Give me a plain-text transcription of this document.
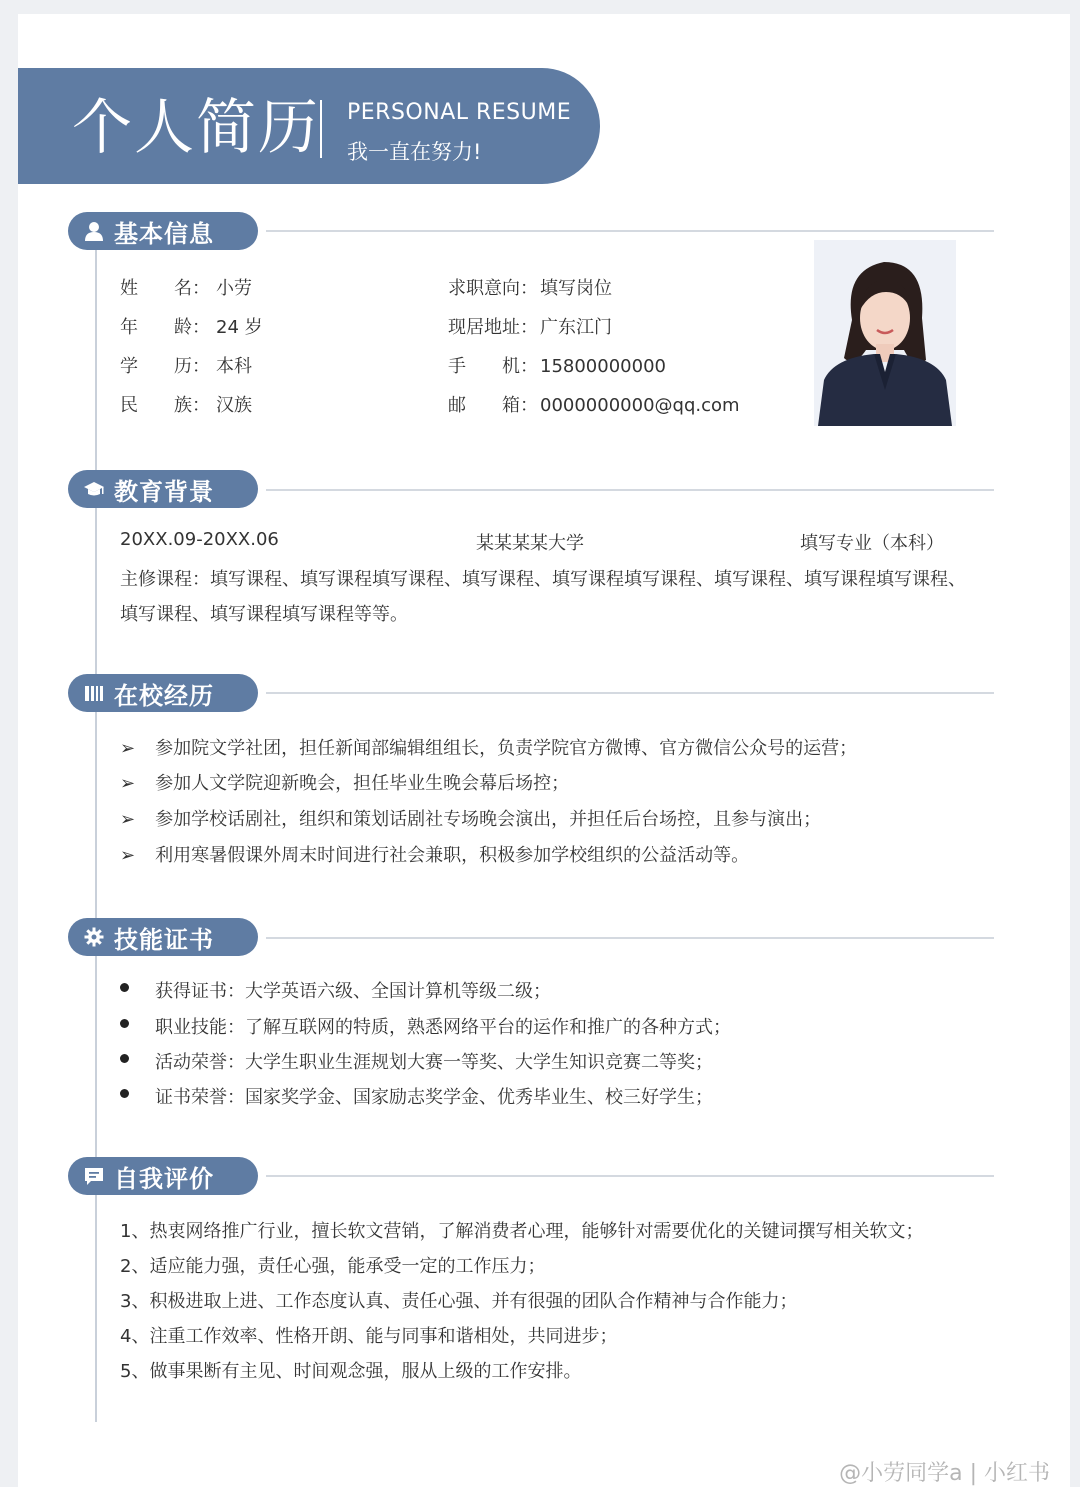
个人简历 PERSONAL RESUME
我一直在努力!
基本信息
姓　　名： 小劳
年　　龄： 24 岁
学　　历： 本科
民　　族： 汉族
求职意向： 填写岗位
现居地址： 广东江门
手　　机： 15800000000
邮　　箱： 0000000000@qq.com
教育背景
20XX.09-20XX.06	某某某某大学	填写专业（本科）
主修课程：填写课程、填写课程填写课程、填写课程、填写课程填写课程、填写课程、填写课程填写课程、
填写课程、填写课程填写课程等等。
在校经历
➢ 参加院文学社团，担任新闻部编辑组组长，负责学院官方微博、官方微信公众号的运营；
➢ 参加人文学院迎新晚会，担任毕业生晚会幕后场控；
➢ 参加学校话剧社，组织和策划话剧社专场晚会演出，并担任后台场控，且参与演出；
➢ 利用寒暑假课外周末时间进行社会兼职，积极参加学校组织的公益活动等。
技能证书
获得证书：大学英语六级、全国计算机等级二级；
职业技能：了解互联网的特质，熟悉网络平台的运作和推广的各种方式；
活动荣誉：大学生职业生涯规划大赛一等奖、大学生知识竞赛二等奖；
证书荣誉：国家奖学金、国家励志奖学金、优秀毕业生、校三好学生；
自我评价
1、热衷网络推广行业，擅长软文营销，了解消费者心理，能够针对需要优化的关键词撰写相关软文；
2、适应能力强，责任心强，能承受一定的工作压力；
3、积极进取上进、工作态度认真、责任心强、并有很强的团队合作精神与合作能力；
4、注重工作效率、性格开朗、能与同事和谐相处，共同进步；
5、做事果断有主见、时间观念强，服从上级的工作安排。
@小劳同学a | 小红书
